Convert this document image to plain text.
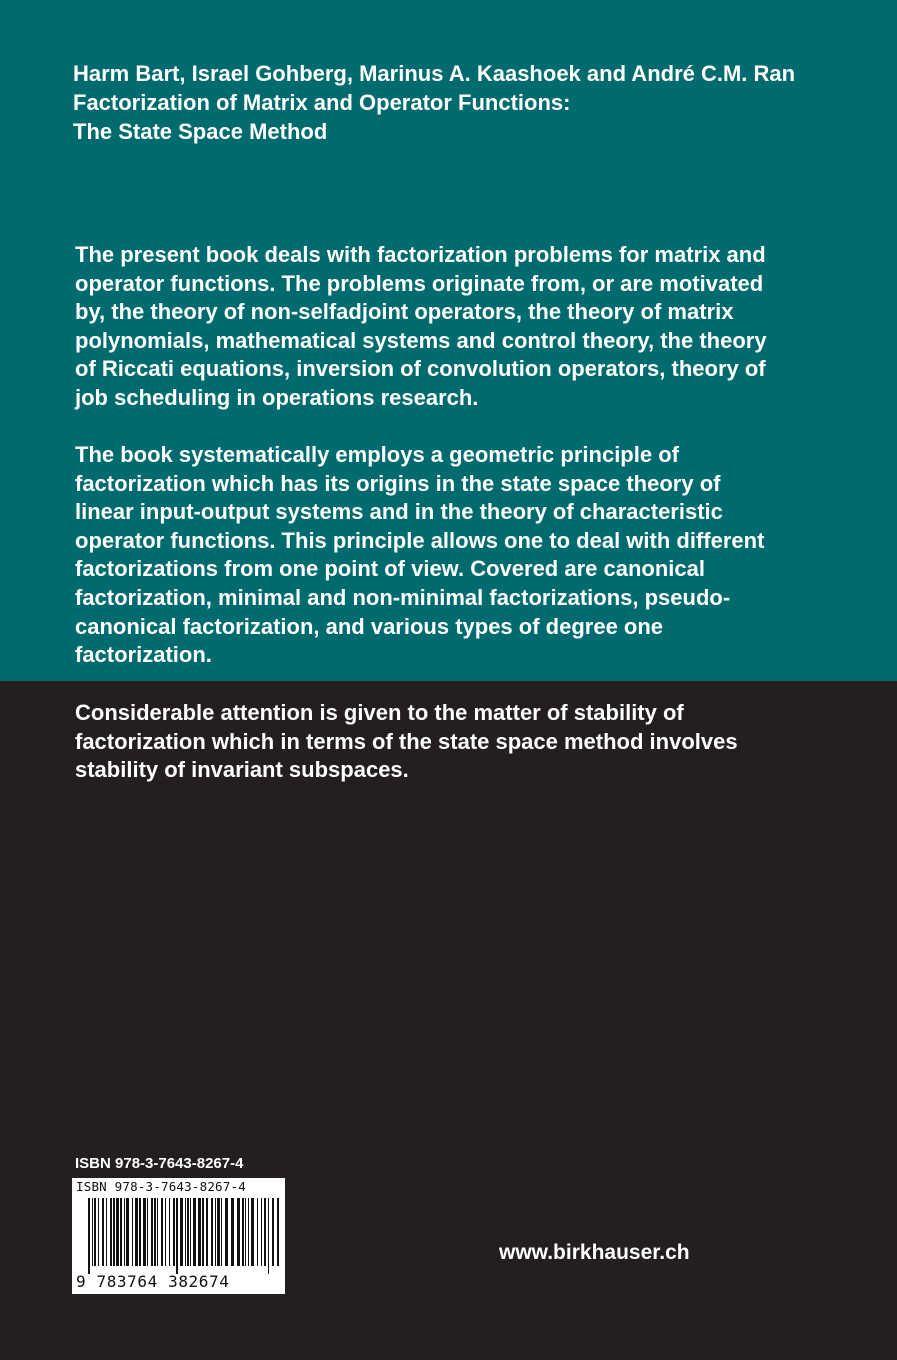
Harm Bart, Israel Gohberg, Marinus A. Kaashoek and André C.M. Ran
Factorization of Matrix and Operator Functions:
The State Space Method
The present book deals with factorization problems for matrix and
operator functions. The problems originate from, or are motivated
by, the theory of non-selfadjoint operators, the theory of matrix
polynomials, mathematical systems and control theory, the theory
of Riccati equations, inversion of convolution operators, theory of
job scheduling in operations research.
The book systematically employs a geometric principle of
factorization which has its origins in the state space theory of
linear input-output systems and in the theory of characteristic
operator functions. This principle allows one to deal with different
factorizations from one point of view. Covered are canonical
factorization, minimal and non-minimal factorizations, pseudo-
canonical factorization, and various types of degree one
factorization.
Considerable attention is given to the matter of stability of
factorization which in terms of the state space method involves
stability of invariant subspaces.
ISBN 978-3-7643-8267-4
ISBN 978-3-7643-8267-4
9 783764 382674
www.birkhauser.ch
